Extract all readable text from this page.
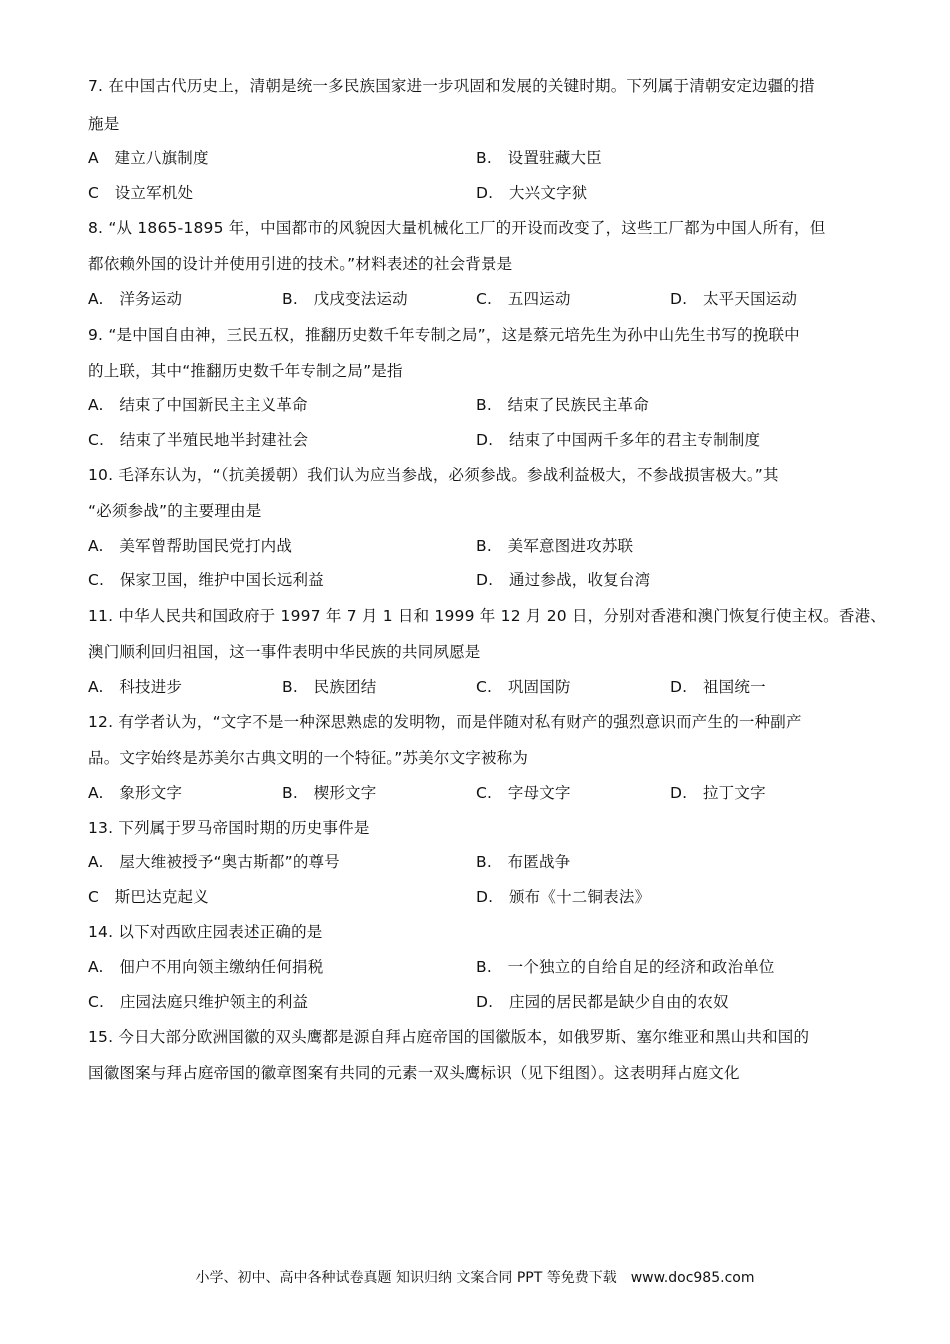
7. 在中国古代历史上，清朝是统一多民族国家进一步巩固和发展的关键时期。下列属于清朝安定边疆的措
施是
A　建立八旗制度	B.　设置驻藏大臣
C　设立军机处	D.　大兴文字狱
8. “从 1865-1895 年，中国都市的风貌因大量机械化工厂的开设而改变了，这些工厂都为中国人所有，但
都依赖外国的设计并使用引进的技术。”材料表述的社会背景是
A.　洋务运动	B.　戊戌变法运动	C.　五四运动	D.　太平天国运动
9. “是中国自由神，三民五权，推翻历史数千年专制之局”，这是蔡元培先生为孙中山先生书写的挽联中
的上联，其中“推翻历史数千年专制之局”是指
A.　结束了中国新民主主义革命	B.　结束了民族民主革命
C.　结束了半殖民地半封建社会	D.　结束了中国两千多年的君主专制制度
10. 毛泽东认为，“（抗美援朝）我们认为应当参战，必须参战。参战利益极大，不参战损害极大。”其
“必须参战”的主要理由是
A.　美军曾帮助国民党打内战	B.　美军意图进攻苏联
C.　保家卫国，维护中国长远利益	D.　通过参战，收复台湾
11. 中华人民共和国政府于 1997 年 7 月 1 日和 1999 年 12 月 20 日，分别对香港和澳门恢复行使主权。香港、
澳门顺利回归祖国，这一事件表明中华民族的共同夙愿是
A.　科技进步	B.　民族团结	C.　巩固国防	D.　祖国统一
12. 有学者认为，“文字不是一种深思熟虑的发明物，而是伴随对私有财产的强烈意识而产生的一种副产
品。文字始终是苏美尔古典文明的一个特征。”苏美尔文字被称为
A.　象形文字	B.　楔形文字	C.　字母文字	D.　拉丁文字
13. 下列属于罗马帝国时期的历史事件是
A.　屋大维被授予“奥古斯都”的尊号	B.　布匿战争
C　斯巴达克起义	D.　颁布《十二铜表法》
14. 以下对西欧庄园表述正确的是
A.　佃户不用向领主缴纳任何捐税	B.　一个独立的自给自足的经济和政治单位
C.　庄园法庭只维护领主的利益	D.　庄园的居民都是缺少自由的农奴
15. 今日大部分欧洲国徽的双头鹰都是源自拜占庭帝国的国徽版本，如俄罗斯、塞尔维亚和黑山共和国的
国徽图案与拜占庭帝国的徽章图案有共同的元素一双头鹰标识（见下组图）。这表明拜占庭文化
小学、初中、高中各种试卷真题 知识归纳 文案合同 PPT 等免费下载　www.doc985.com
